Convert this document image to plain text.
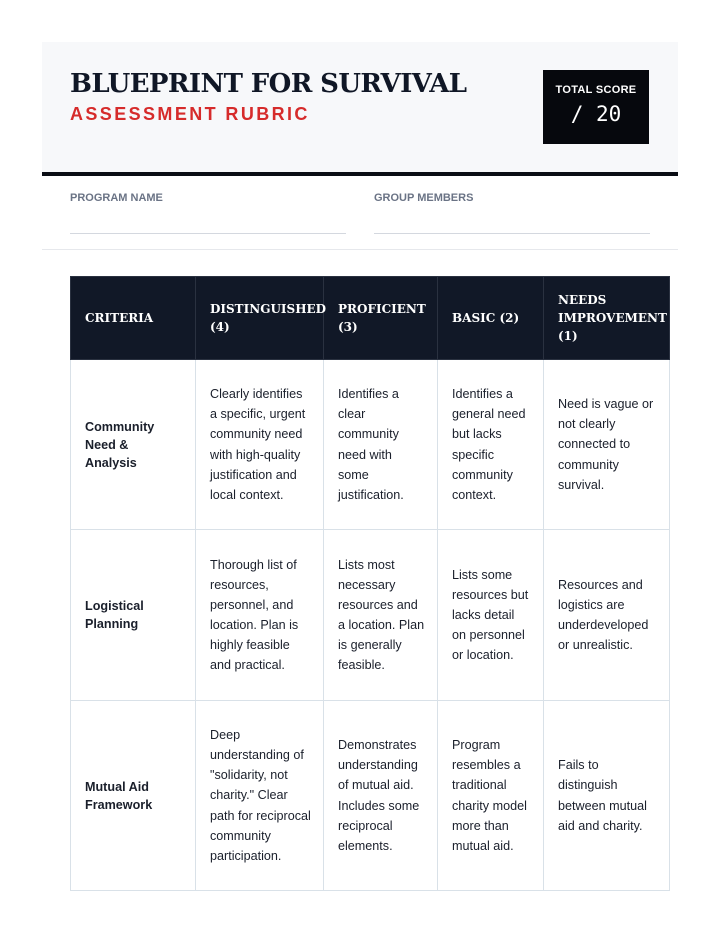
BLUEPRINT FOR SURVIVAL
ASSESSMENT RUBRIC
TOTAL SCORE
/ 20
PROGRAM NAME	GROUP MEMBERS
CRITERIA	DISTINGUISHED (4)	PROFICIENT (3)	BASIC (2)	NEEDS IMPROVEMENT (1)
Community Need & Analysis	Clearly identifies a specific, urgent community need with high-quality justification and local context.	Identifies a clear community need with some justification.	Identifies a general need but lacks specific community context.	Need is vague or not clearly connected to community survival.
Logistical Planning	Thorough list of resources, personnel, and location. Plan is highly feasible and practical.	Lists most necessary resources and a location. Plan is generally feasible.	Lists some resources but lacks detail on personnel or location.	Resources and logistics are underdeveloped or unrealistic.
Mutual Aid Framework	Deep understanding of "solidarity, not charity." Clear path for reciprocal community participation.	Demonstrates understanding of mutual aid. Includes some reciprocal elements.	Program resembles a traditional charity model more than mutual aid.	Fails to distinguish between mutual aid and charity.
